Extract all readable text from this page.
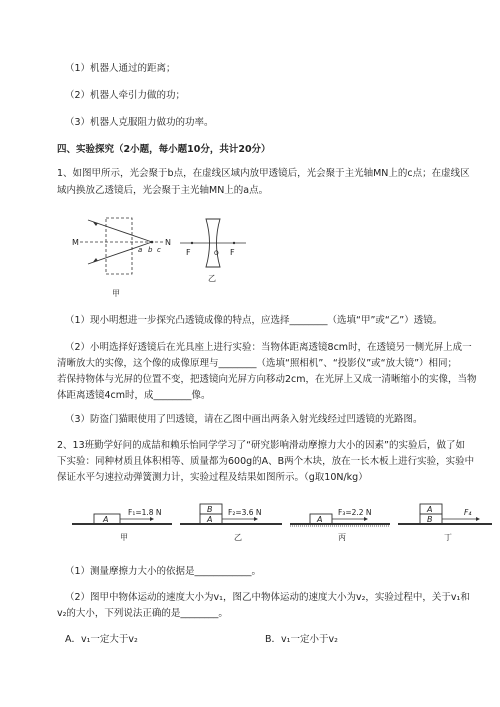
（1）机器人通过的距离；
（2）机器人牵引力做的功；
（3）机器人克服阻力做功的功率。
四、实验探究（2小题，每小题10分，共计20分）
1、如图甲所示，光会聚于b点，在虚线区域内放甲透镜后，光会聚于主光轴MN上的c点；在虚线区
域内换放乙透镜后，光会聚于主光轴MN上的a点。
M	N
a b c
甲
F	F
O
乙
（1）现小明想进一步探究凸透镜成像的特点，应选择________（选填“甲”或“乙”）透镜。
（2）小明选择好透镜后在光具座上进行实验：当物体距离透镜8cm时，在透镜另一侧光屏上成一
清晰放大的实像，这个像的成像原理与________（选填“照相机”、“投影仪”或“放大镜”）相同；
若保持物体与光屏的位置不变，把透镜向光屏方向移动2cm，在光屏上又成一清晰缩小的实像，当物
体距离透镜4cm时，成________像。
（3）防盗门猫眼使用了凹透镜，请在乙图中画出两条入射光线经过凹透镜的光路图。
2、13班勤学好问的成喆和赖乐怡同学学习了“研究影响滑动摩擦力大小的因素”的实验后，做了如
下实验：同种材质且体积相等、质量都为600g的A、B两个木块，放在一长木板上进行实验，实验中
保证水平匀速拉动弹簧测力计，实验过程及结果如图所示。（g取10N/kg）
A
F₁=1.8 N
甲
B
A
F₂=3.6 N
乙
A
F₃=2.2 N
丙
A
B
F₄
丁
（1）测量摩擦力大小的依据是____________。
（2）图甲中物体运动的速度大小为v₁，图乙中物体运动的速度大小为v₂，实验过程中，关于v₁和
v₂的大小，下列说法正确的是________。
A．v₁一定大于v₂	B．v₁一定小于v₂
